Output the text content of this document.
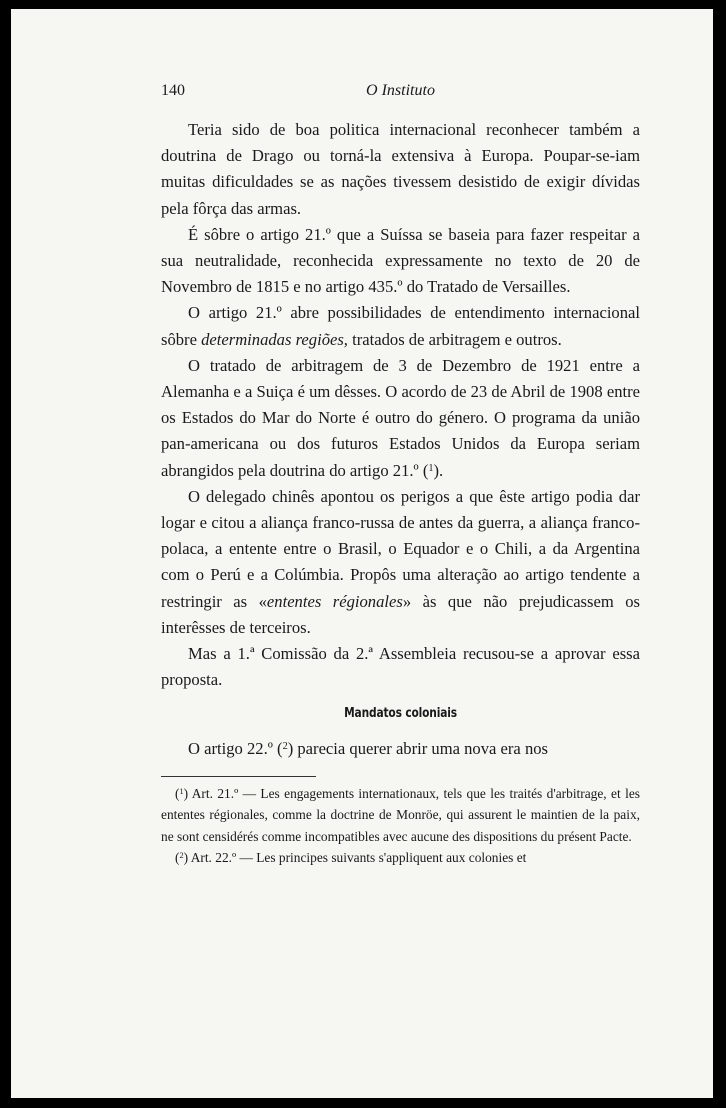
140	O Instituto

Teria sido de boa politica internacional reconhecer também a doutrina de Drago ou torná-la extensiva à Europa. Poupar-se-iam muitas dificuldades se as nações tivessem desistido de exigir dívidas pela fôrça das armas.

É sôbre o artigo 21.º que a Suíssa se baseia para fazer respeitar a sua neutralidade, reconhecida expressamente no texto de 20 de Novembro de 1815 e no artigo 435.º do Tratado de Versailles.

O artigo 21.º abre possibilidades de entendimento internacional sôbre determinadas regiões, tratados de arbitragem e outros.

O tratado de arbitragem de 3 de Dezembro de 1921 entre a Alemanha e a Suiça é um dêsses. O acordo de 23 de Abril de 1908 entre os Estados do Mar do Norte é outro do género. O programa da união pan-americana ou dos futuros Estados Unidos da Europa seriam abrangidos pela doutrina do artigo 21.º ($^1$).

O delegado chinês apontou os perigos a que êste artigo podia dar logar e citou a aliança franco-russa de antes da guerra, a aliança franco-polaca, a entente entre o Brasil, o Equador e o Chili, a da Argentina com o Perú e a Colúmbia. Propôs uma alteração ao artigo tendente a restringir as «ententes régionales» às que não prejudicassem os interêsses de terceiros.

Mas a 1.ª Comissão da 2.ª Assembleia recusou-se a aprovar essa proposta.

Mandatos coloniais

O artigo 22.º ($^2$) parecia querer abrir uma nova era nos

($^1$) Art. 21.º — Les engagements internationaux, tels que les traités d'arbitrage, et les ententes régionales, comme la doctrine de Monröe, qui assurent le maintien de la paix, ne sont censidérés comme incompatibles avec aucune des dispositions du présent Pacte.

($^2$) Art. 22.º — Les principes suivants s'appliquent aux colonies et
